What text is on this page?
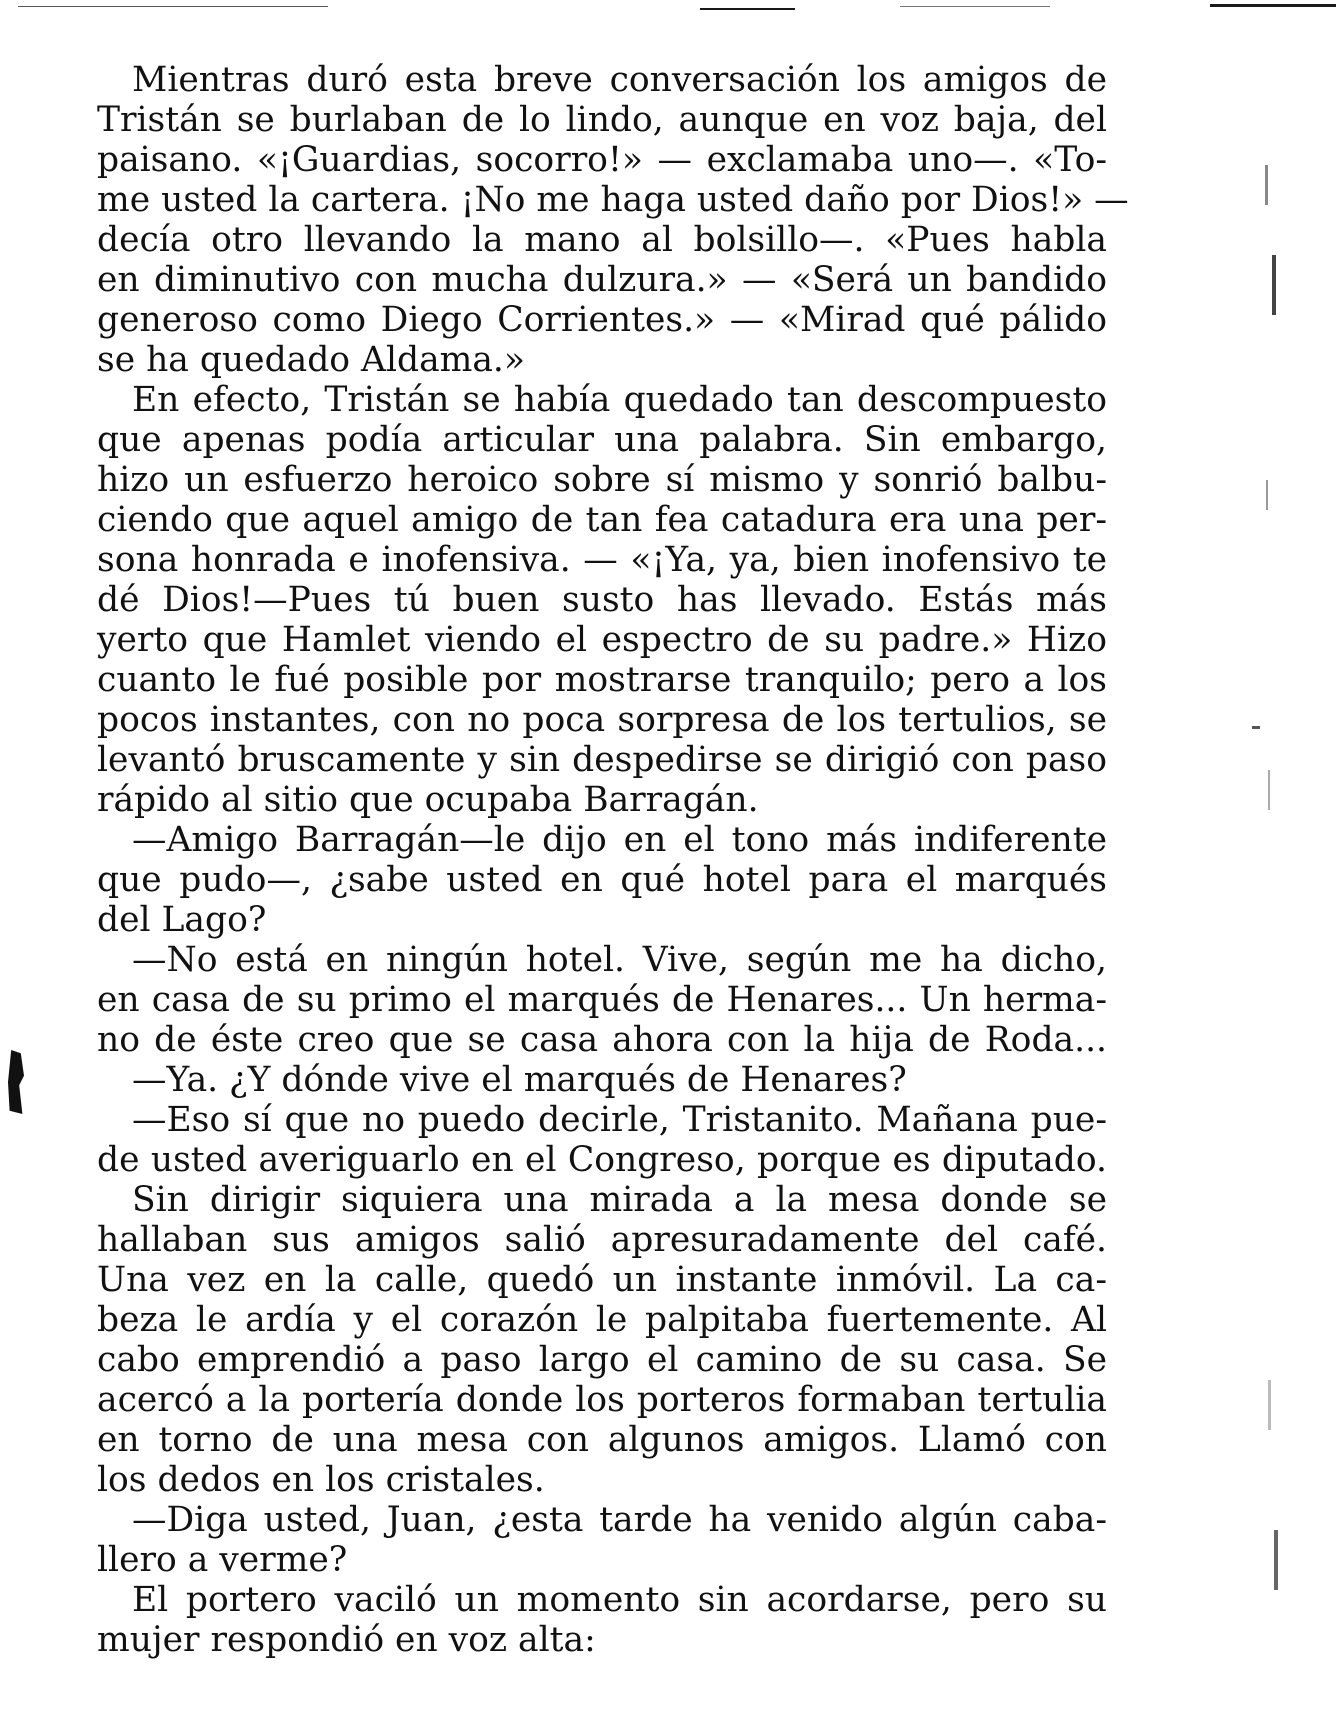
Mientras duró esta breve conversación los amigos de
Tristán se burlaban de lo lindo, aunque en voz baja, del
paisano. «¡Guardias, socorro!» — exclamaba uno—. «To-
me usted la cartera. ¡No me haga usted daño por Dios!» —
decía otro llevando la mano al bolsillo—. «Pues habla
en diminutivo con mucha dulzura.» — «Será un bandido
generoso como Diego Corrientes.» — «Mirad qué pálido
se ha quedado Aldama.»
En efecto, Tristán se había quedado tan descompuesto
que apenas podía articular una palabra. Sin embargo,
hizo un esfuerzo heroico sobre sí mismo y sonrió balbu-
ciendo que aquel amigo de tan fea catadura era una per-
sona honrada e inofensiva. — «¡Ya, ya, bien inofensivo te
dé Dios!—Pues tú buen susto has llevado. Estás más
yerto que Hamlet viendo el espectro de su padre.» Hizo
cuanto le fué posible por mostrarse tranquilo; pero a los
pocos instantes, con no poca sorpresa de los tertulios, se
levantó bruscamente y sin despedirse se dirigió con paso
rápido al sitio que ocupaba Barragán.
—Amigo Barragán—le dijo en el tono más indiferente
que pudo—, ¿sabe usted en qué hotel para el marqués
del Lago?
—No está en ningún hotel. Vive, según me ha dicho,
en casa de su primo el marqués de Henares... Un herma-
no de éste creo que se casa ahora con la hija de Roda...
—Ya. ¿Y dónde vive el marqués de Henares?
—Eso sí que no puedo decirle, Tristanito. Mañana pue-
de usted averiguarlo en el Congreso, porque es diputado.
Sin dirigir siquiera una mirada a la mesa donde se
hallaban sus amigos salió apresuradamente del café.
Una vez en la calle, quedó un instante inmóvil. La ca-
beza le ardía y el corazón le palpitaba fuertemente. Al
cabo emprendió a paso largo el camino de su casa. Se
acercó a la portería donde los porteros formaban tertulia
en torno de una mesa con algunos amigos. Llamó con
los dedos en los cristales.
—Diga usted, Juan, ¿esta tarde ha venido algún caba-
llero a verme?
El portero vaciló un momento sin acordarse, pero su
mujer respondió en voz alta:
